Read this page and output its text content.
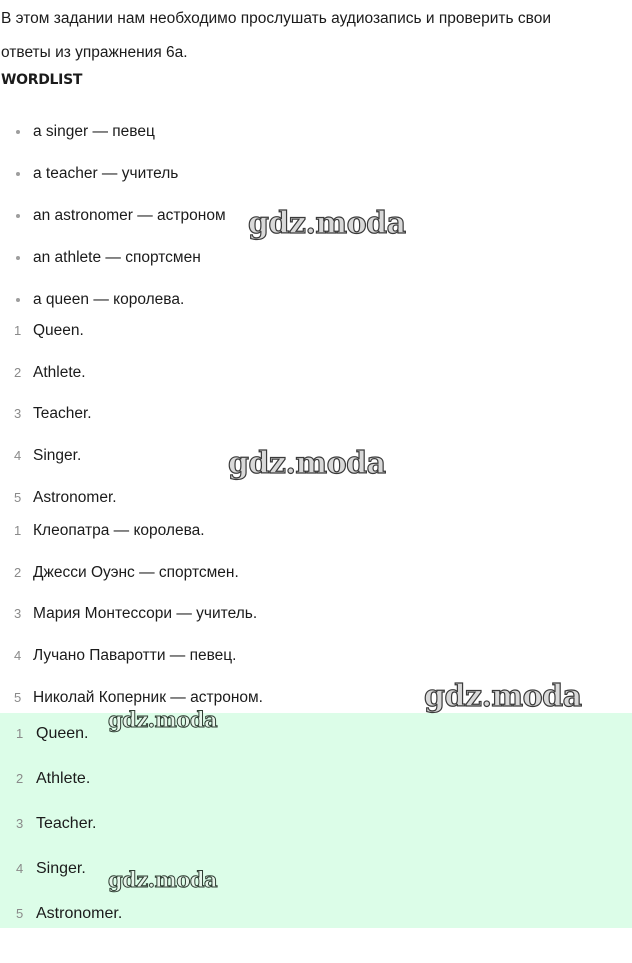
В этом задании нам необходимо прослушать аудиозапись и проверить свои
ответы из упражнения 6a.
WORDLIST
a singer — певец
a teacher — учитель
an astronomer — астроном
an athlete — спортсмен
a queen — королева.
1 Queen.
2 Athlete.
3 Teacher.
4 Singer.
5 Astronomer.
1 Клеопатра — королева.
2 Джесси Оуэнс — спортсмен.
3 Мария Монтессори — учитель.
4 Лучано Паваротти — певец.
5 Николай Коперник — астроном.
1 Queen.
2 Athlete.
3 Teacher.
4 Singer.
5 Astronomer.
gdz.moda
gdz.moda
gdz.moda
gdz.moda
gdz.moda
